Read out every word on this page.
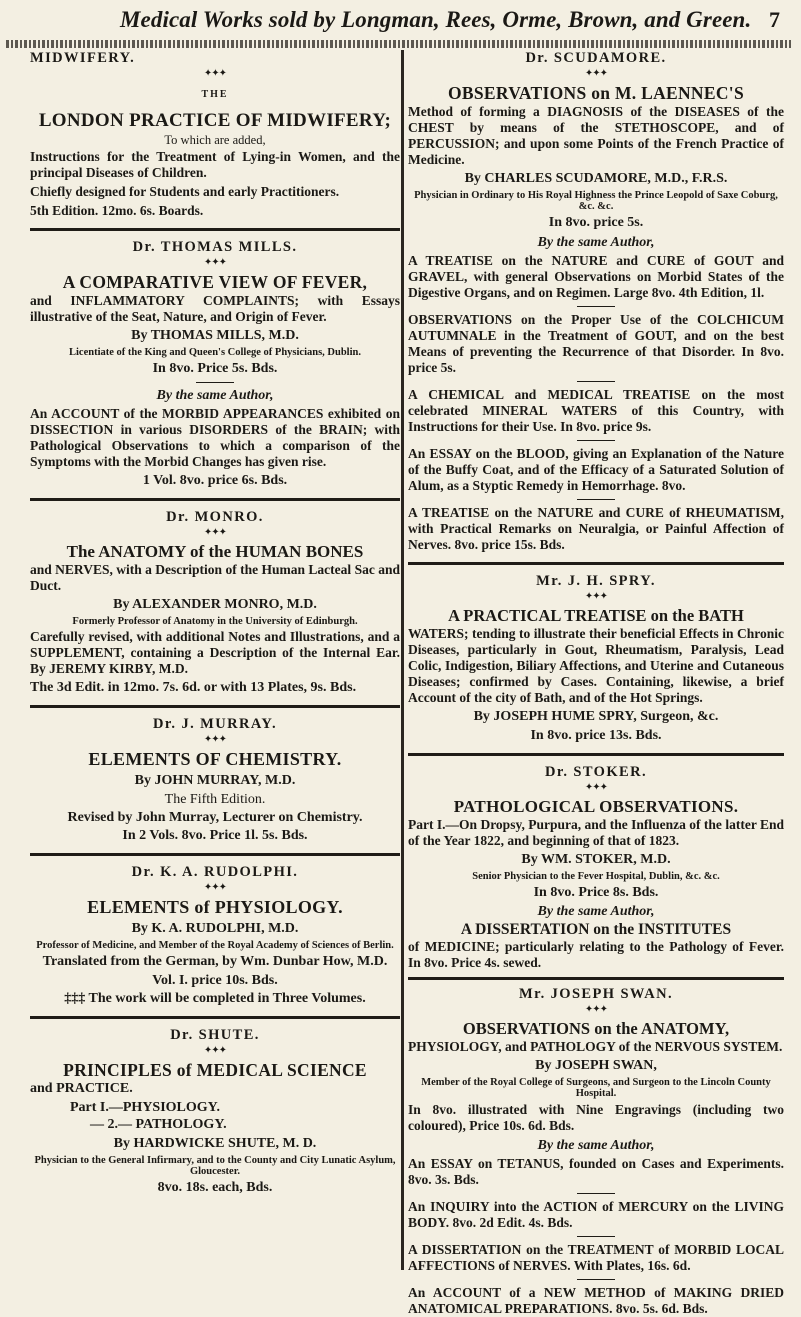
Medical Works sold by Longman, Rees, Orme, Brown, and Green. 7

MIDWIFERY.

✦✦✦

THE

LONDON PRACTICE OF MIDWIFERY;

To which are added,

Instructions for the Treatment of Lying-in Women, and the principal Diseases of Children.

Chiefly designed for Students and early Practitioners.

5th Edition. 12mo. 6s. Boards.

Dr. THOMAS MILLS.

✦✦✦

A COMPARATIVE VIEW OF FEVER,

and INFLAMMATORY COMPLAINTS; with Essays illustrative of the Seat, Nature, and Origin of Fever.

By THOMAS MILLS, M.D.

Licentiate of the King and Queen's College of Physicians, Dublin.

In 8vo. Price 5s. Bds.

By the same Author,

An ACCOUNT of the MORBID APPEARANCES exhibited on DISSECTION in various DISORDERS of the BRAIN; with Pathological Observations to which a comparison of the Symptoms with the Morbid Changes has given rise.

1 Vol. 8vo. price 6s. Bds.

Dr. MONRO.

✦✦✦

The ANATOMY of the HUMAN BONES

and NERVES, with a Description of the Human Lacteal Sac and Duct.

By ALEXANDER MONRO, M.D.

Formerly Professor of Anatomy in the University of Edinburgh.

Carefully revised, with additional Notes and Illustrations, and a SUPPLEMENT, containing a Description of the Internal Ear. By JEREMY KIRBY, M.D.

The 3d Edit. in 12mo. 7s. 6d. or with 13 Plates, 9s. Bds.

Dr. J. MURRAY.

✦✦✦

ELEMENTS OF CHEMISTRY.

By JOHN MURRAY, M.D.

The Fifth Edition.

Revised by John Murray, Lecturer on Chemistry.

In 2 Vols. 8vo. Price 1l. 5s. Bds.

Dr. K. A. RUDOLPHI.

✦✦✦

ELEMENTS of PHYSIOLOGY.

By K. A. RUDOLPHI, M.D.

Professor of Medicine, and Member of the Royal Academy of Sciences of Berlin.

Translated from the German, by Wm. Dunbar How, M.D.

Vol. I. price 10s. Bds.

‡‡‡ The work will be completed in Three Volumes.

Dr. SHUTE.

✦✦✦

PRINCIPLES of MEDICAL SCIENCE

and PRACTICE.

Part I.—PHYSIOLOGY.

— 2.— PATHOLOGY.

By HARDWICKE SHUTE, M. D.

Physician to the General Infirmary, and to the County and City Lunatic Asylum, Gloucester.

8vo. 18s. each, Bds.

Dr. SCUDAMORE.

✦✦✦

OBSERVATIONS on M. LAENNEC'S

Method of forming a DIAGNOSIS of the DISEASES of the CHEST by means of the STETHOSCOPE, and of PERCUSSION; and upon some Points of the French Practice of Medicine.

By CHARLES SCUDAMORE, M.D., F.R.S.

Physician in Ordinary to His Royal Highness the Prince Leopold of Saxe Coburg, &c. &c.

In 8vo. price 5s.

By the same Author,

A TREATISE on the NATURE and CURE of GOUT and GRAVEL, with general Observations on Morbid States of the Digestive Organs, and on Regimen. Large 8vo. 4th Edition, 1l.

OBSERVATIONS on the Proper Use of the COLCHICUM AUTUMNALE in the Treatment of GOUT, and on the best Means of preventing the Recurrence of that Disorder. In 8vo. price 5s.

A CHEMICAL and MEDICAL TREATISE on the most celebrated MINERAL WATERS of this Country, with Instructions for their Use. In 8vo. price 9s.

An ESSAY on the BLOOD, giving an Explanation of the Nature of the Buffy Coat, and of the Efficacy of a Saturated Solution of Alum, as a Styptic Remedy in Hemorrhage. 8vo.

A TREATISE on the NATURE and CURE of RHEUMATISM, with Practical Remarks on Neuralgia, or Painful Affection of Nerves. 8vo. price 15s. Bds.

Mr. J. H. SPRY.

✦✦✦

A PRACTICAL TREATISE on the BATH

WATERS; tending to illustrate their beneficial Effects in Chronic Diseases, particularly in Gout, Rheumatism, Paralysis, Lead Colic, Indigestion, Biliary Affections, and Uterine and Cutaneous Diseases; confirmed by Cases. Containing, likewise, a brief Account of the city of Bath, and of the Hot Springs.

By JOSEPH HUME SPRY, Surgeon, &c.

In 8vo. price 13s. Bds.

Dr. STOKER.

✦✦✦

PATHOLOGICAL OBSERVATIONS.

Part I.—On Dropsy, Purpura, and the Influenza of the latter End of the Year 1822, and beginning of that of 1823.

By WM. STOKER, M.D.

Senior Physician to the Fever Hospital, Dublin, &c. &c.

In 8vo. Price 8s. Bds.

By the same Author,

A DISSERTATION on the INSTITUTES

of MEDICINE; particularly relating to the Pathology of Fever. In 8vo. Price 4s. sewed.

Mr. JOSEPH SWAN.

✦✦✦

OBSERVATIONS on the ANATOMY,

PHYSIOLOGY, and PATHOLOGY of the NERVOUS SYSTEM.

By JOSEPH SWAN,

Member of the Royal College of Surgeons, and Surgeon to the Lincoln County Hospital.

In 8vo. illustrated with Nine Engravings (including two coloured), Price 10s. 6d. Bds.

By the same Author,

An ESSAY on TETANUS, founded on Cases and Experiments. 8vo. 3s. Bds.

An INQUIRY into the ACTION of MERCURY on the LIVING BODY. 8vo. 2d Edit. 4s. Bds.

A DISSERTATION on the TREATMENT of MORBID LOCAL AFFECTIONS of NERVES. With Plates, 16s. 6d.

An ACCOUNT of a NEW METHOD of MAKING DRIED ANATOMICAL PREPARATIONS. 8vo. 5s. 6d. Bds.
